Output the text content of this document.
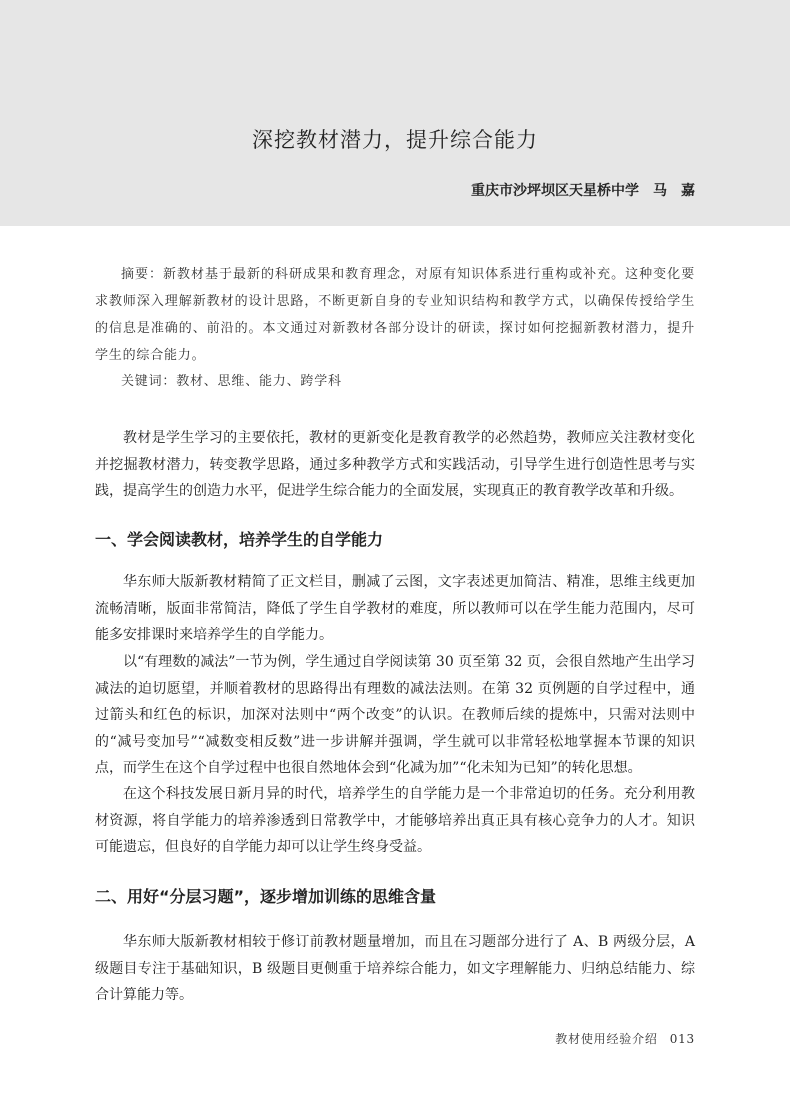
深挖教材潜力，提升综合能力
重庆市沙坪坝区天星桥中学　马　嘉

摘要：新教材基于最新的科研成果和教育理念，对原有知识体系进行重构或补充。这种变化要求教师深入理解新教材的设计思路，不断更新自身的专业知识结构和教学方式，以确保传授给学生的信息是准确的、前沿的。本文通过对新教材各部分设计的研读，探讨如何挖掘新教材潜力，提升学生的综合能力。

关键词：教材、思维、能力、跨学科

教材是学生学习的主要依托，教材的更新变化是教育教学的必然趋势，教师应关注教材变化并挖掘教材潜力，转变教学思路，通过多种教学方式和实践活动，引导学生进行创造性思考与实践，提高学生的创造力水平，促进学生综合能力的全面发展，实现真正的教育教学改革和升级。

一、学会阅读教材，培养学生的自学能力

华东师大版新教材精简了正文栏目，删减了云图，文字表述更加简洁、精准，思维主线更加流畅清晰，版面非常简洁，降低了学生自学教材的难度，所以教师可以在学生能力范围内，尽可能多安排课时来培养学生的自学能力。

以“有理数的减法”一节为例，学生通过自学阅读第 30 页至第 32 页，会很自然地产生出学习减法的迫切愿望，并顺着教材的思路得出有理数的减法法则。在第 32 页例题的自学过程中，通过箭头和红色的标识，加深对法则中“两个改变”的认识。在教师后续的提炼中，只需对法则中的“减号变加号”“减数变相反数”进一步讲解并强调，学生就可以非常轻松地掌握本节课的知识点，而学生在这个自学过程中也很自然地体会到“化减为加”“化未知为已知”的转化思想。

在这个科技发展日新月异的时代，培养学生的自学能力是一个非常迫切的任务。充分利用教材资源，将自学能力的培养渗透到日常教学中，才能够培养出真正具有核心竞争力的人才。知识可能遗忘，但良好的自学能力却可以让学生终身受益。

二、用好“分层习题”，逐步增加训练的思维含量

华东师大版新教材相较于修订前教材题量增加，而且在习题部分进行了 A、B 两级分层，A 级题目专注于基础知识，B 级题目更侧重于培养综合能力，如文字理解能力、归纳总结能力、综合计算能力等。

教材使用经验介绍 013
